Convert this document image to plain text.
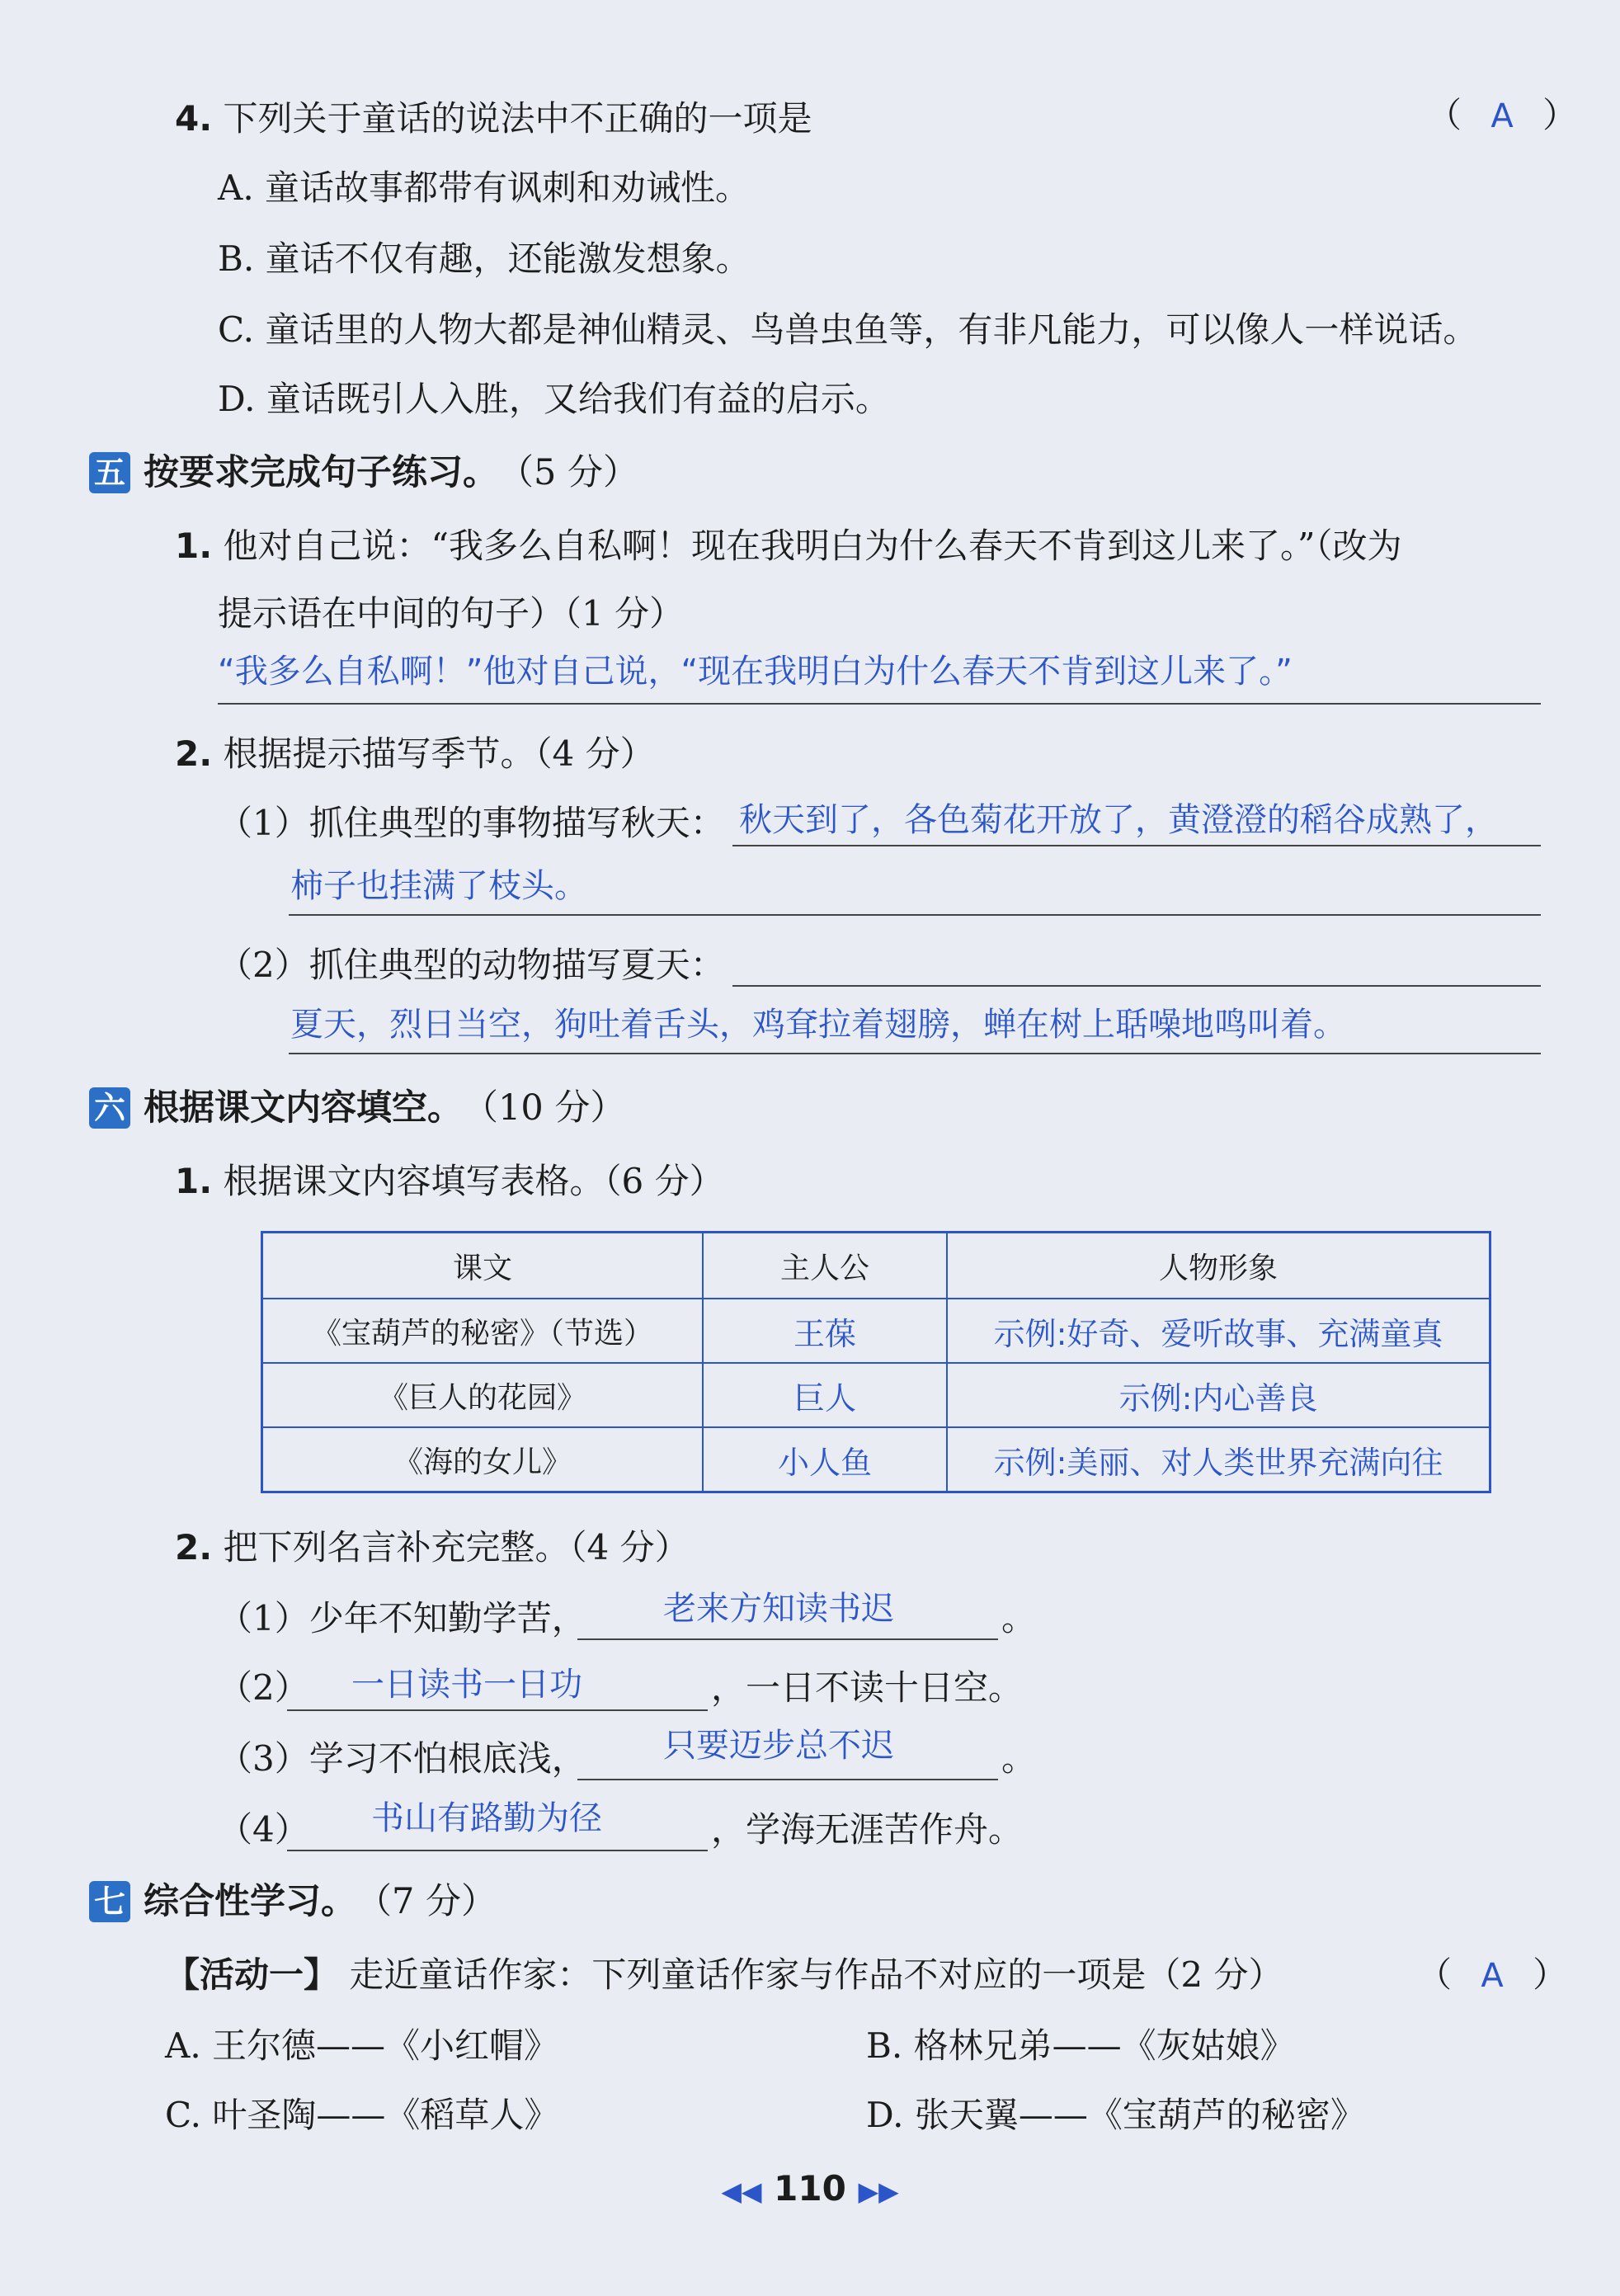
4. 下列关于童话的说法中不正确的一项是	（ A ）
A. 童话故事都带有讽刺和劝诫性。
B. 童话不仅有趣，还能激发想象。
C. 童话里的人物大都是神仙精灵、鸟兽虫鱼等，有非凡能力，可以像人一样说话。
D. 童话既引人入胜，又给我们有益的启示。
五 按要求完成句子练习。 （5 分）
1. 他对自己说：“我多么自私啊！现在我明白为什么春天不肯到这儿来了。”（改为
提示语在中间的句子）（1 分）
“我多么自私啊！”他对自己说，“现在我明白为什么春天不肯到这儿来了。”
2. 根据提示描写季节。（4 分）
（1）抓住典型的事物描写秋天： 秋天到了，各色菊花开放了，黄澄澄的稻谷成熟了，
柿子也挂满了枝头。
（2）抓住典型的动物描写夏天：
夏天，烈日当空，狗吐着舌头，鸡耷拉着翅膀，蝉在树上聒噪地鸣叫着。
六 根据课文内容填空。 （10 分）
1. 根据课文内容填写表格。（6 分）
课文	主人公	人物形象
《宝葫芦的秘密》（节选）	王葆	示例:好奇、爱听故事、充满童真
《巨人的花园》	巨人	示例:内心善良
《海的女儿》	小人鱼	示例:美丽、对人类世界充满向往
2. 把下列名言补充完整。（4 分）
（1）少年不知勤学苦， 老来方知读书迟	。
（2） 一日读书一日功	，一日不读十日空。
（3）学习不怕根底浅， 只要迈步总不迟	。
（4） 书山有路勤为径	，学海无涯苦作舟。
七 综合性学习。 （7 分）
【活动一】 走近童话作家：下列童话作家与作品不对应的一项是（2 分）	（ A ）
A. 王尔德——《小红帽》	B. 格林兄弟——《灰姑娘》
C. 叶圣陶——《稻草人》	D. 张天翼——《宝葫芦的秘密》
◀◀ 110 ▶▶
